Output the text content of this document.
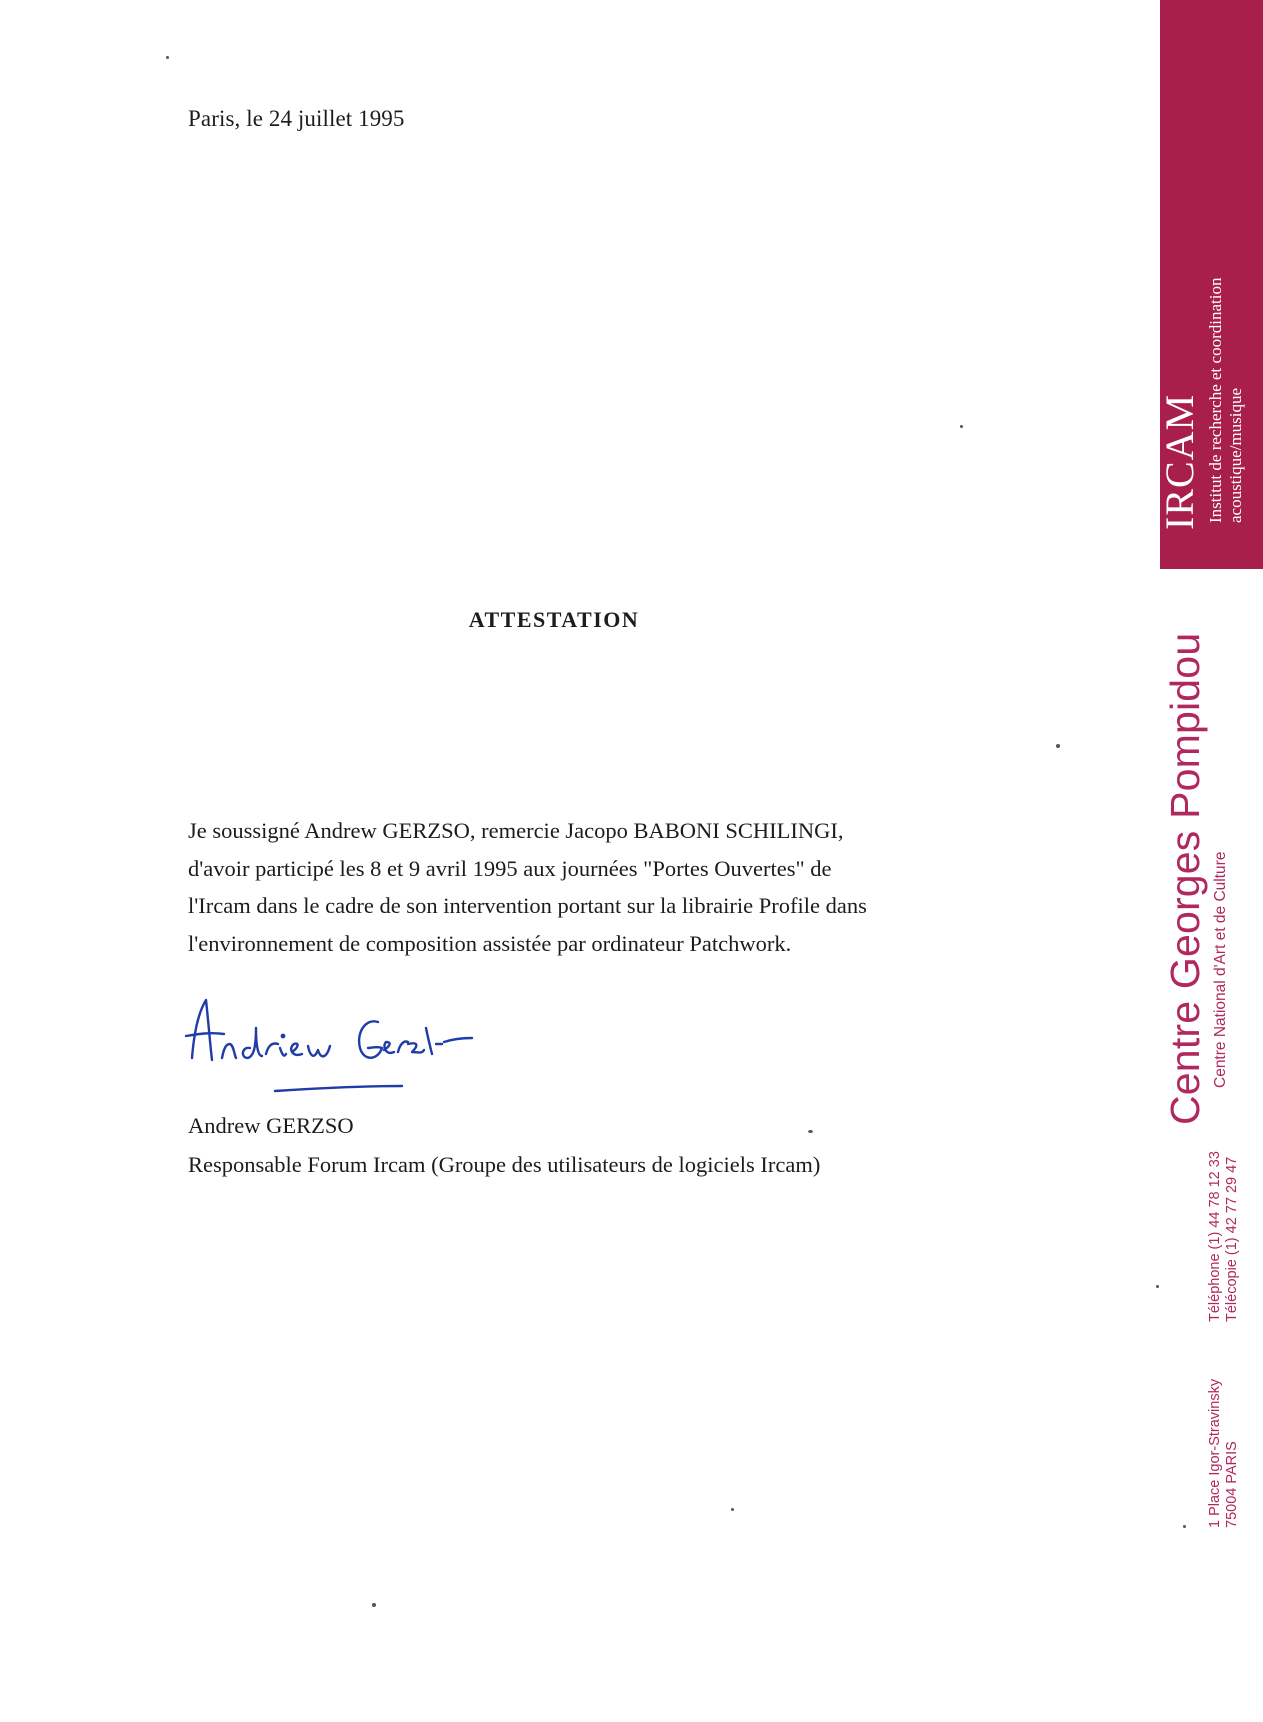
Paris, le 24 juillet 1995
ATTESTATION
Je soussigné Andrew GERZSO, remercie Jacopo BABONI SCHILINGI,
d'avoir participé les 8 et 9 avril 1995 aux journées "Portes Ouvertes" de
l'Ircam dans le cadre de son intervention portant sur la librairie Profile dans
l'environnement de composition assistée par ordinateur Patchwork.
Andrew GERZSO
Responsable Forum Ircam (Groupe des utilisateurs de logiciels Ircam)
IRCAM Institut de recherche et coordination acoustique/musique
Centre Georges Pompidou Centre National d'Art et de Culture
Téléphone (1) 44 78 12 33 Télécopie (1) 42 77 29 47
1 Place Igor-Stravinsky 75004 PARIS
